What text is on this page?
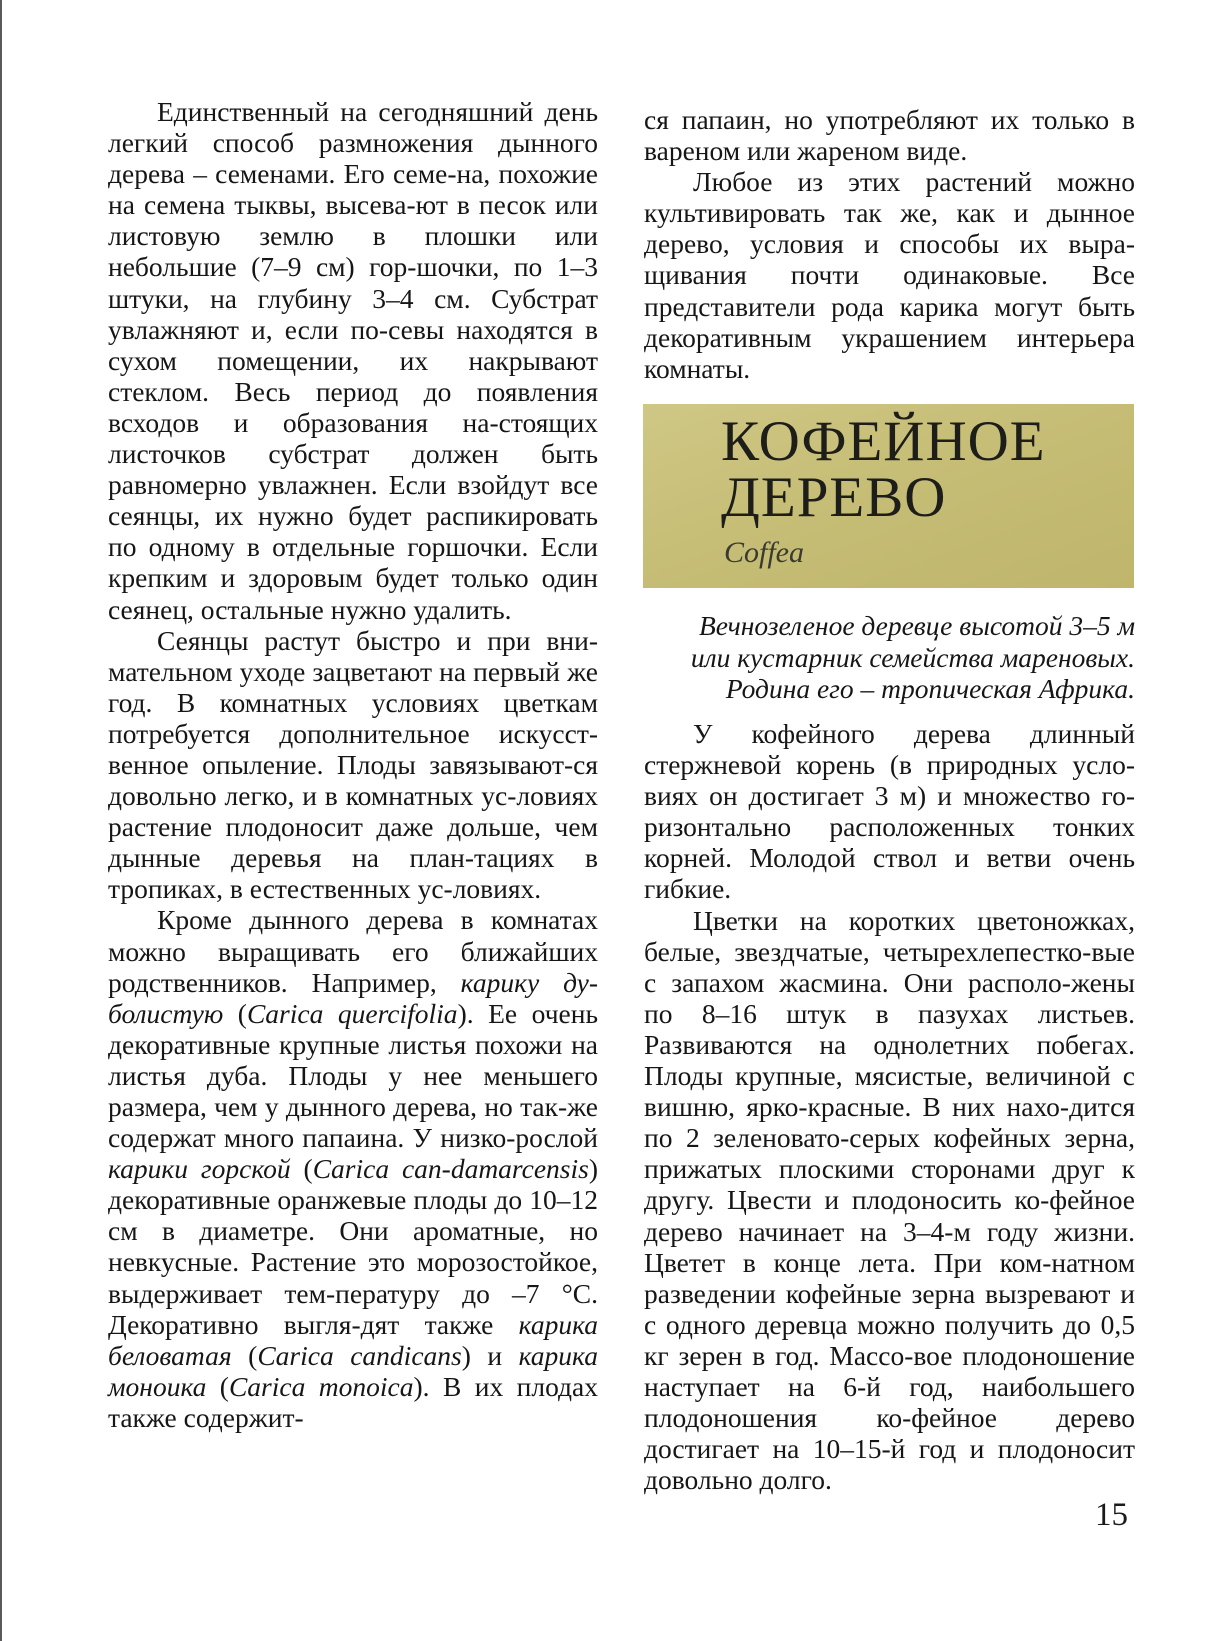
Единственный на сегодняшний день легкий способ размножения дынного дерева – семенами. Его семе-на, похожие на семена тыквы, высева-ют в песок или листовую землю в плошки или небольшие (7–9 см) гор-шочки, по 1–3 штуки, на глубину 3–4 см. Субстрат увлажняют и, если по-севы находятся в сухом помещении, их накрывают стеклом. Весь период до появления всходов и образования на-стоящих листочков субстрат должен быть равномерно увлажнен. Если взойдут все сеянцы, их нужно будет распикировать по одному в отдельные горшочки. Если крепким и здоровым будет только один сеянец, остальные нужно удалить.

Сеянцы растут быстро и при вни-мательном уходе зацветают на первый же год. В комнатных условиях цветкам потребуется дополнительное искусст-венное опыление. Плоды завязывают-ся довольно легко, и в комнатных ус-ловиях растение плодоносит даже дольше, чем дынные деревья на план-тациях в тропиках, в естественных ус-ловиях.

Кроме дынного дерева в комнатах можно выращивать его ближайших родственников. Например, карику ду-болистую (Carica quercifolia). Ее очень декоративные крупные листья похожи на листья дуба. Плоды у нее меньшего размера, чем у дынного дерева, но так-же содержат много папаина. У низко-рослой карики горской (Carica can-damarcensis) декоративные оранжевые плоды до 10–12 см в диаметре. Они ароматные, но невкусные. Растение это морозостойкое, выдерживает тем-пературу до –7 °С. Декоративно выгля-дят также карика беловатая (Carica candicans) и карика моноика (Carica monoica). В их плодах также содержит-

ся папаин, но употребляют их только в вареном или жареном виде.

Любое из этих растений можно культивировать так же, как и дынное дерево, условия и способы их выра-щивания почти одинаковые. Все представители рода карика могут быть декоративным украшением интерьера комнаты.

КОФЕЙНОЕ
ДЕРЕВО
Coffea

Вечнозеленое деревце высотой 3–5 м
или кустарник семейства мареновых.
Родина его – тропическая Африка.

У кофейного дерева длинный стержневой корень (в природных усло-виях он достигает 3 м) и множество го-ризонтально расположенных тонких корней. Молодой ствол и ветви очень гибкие.

Цветки на коротких цветоножках, белые, звездчатые, четырехлепестко-вые с запахом жасмина. Они располо-жены по 8–16 штук в пазухах листьев. Развиваются на однолетних побегах. Плоды крупные, мясистые, величиной с вишню, ярко-красные. В них нахо-дится по 2 зеленовато-серых кофейных зерна, прижатых плоскими сторонами друг к другу. Цвести и плодоносить ко-фейное дерево начинает на 3–4-м году жизни. Цветет в конце лета. При ком-натном разведении кофейные зерна вызревают и с одного деревца можно получить до 0,5 кг зерен в год. Массо-вое плодоношение наступает на 6-й год, наибольшего плодоношения ко-фейное дерево достигает на 10–15-й год и плодоносит довольно долго.

15
